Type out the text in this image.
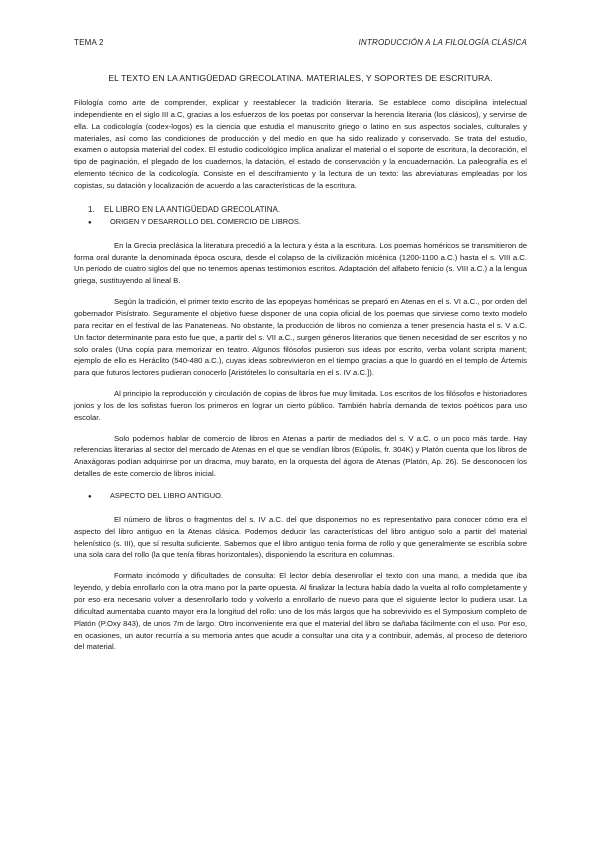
TEMA 2	INTRODUCCIÓN A LA FILOLOGÍA CLÁSICA
EL TEXTO EN LA ANTIGÜEDAD GRECOLATINA. MATERIALES, Y SOPORTES DE ESCRITURA.

Filología como arte de comprender, explicar y reestablecer la tradición literaria. Se establece como disciplina intelectual independiente en el siglo III a.C, gracias a los esfuerzos de los poetas por conservar la herencia literaria (los clásicos), y servirse de ella. La codicología (codex-logos) es la ciencia que estudia el manuscrito griego o latino en sus aspectos sociales, culturales y materiales, así como las condiciones de producción y del medio en que ha sido realizado y conservado. Se trata del estudio, examen o autopsia material del codex. El estudio codicológico implica analizar el material o el soporte de escritura, la decoración, el tipo de paginación, el plegado de los cuadernos, la datación, el estado de conservación y la encuadernación. La paleografía es el elemento técnico de la codicología. Consiste en el desciframiento y la lectura de un texto: las abreviaturas empleadas por los copistas, su datación y localización de acuerdo a las características de la escritura.

1. EL LIBRO EN LA ANTIGÜEDAD GRECOLATINA.
● ORIGEN Y DESARROLLO DEL COMERCIO DE LIBROS.

En la Grecia preclásica la literatura precedió a la lectura y ésta a la escritura. Los poemas homéricos se transmitieron de forma oral durante la denominada época oscura, desde el colapso de la civilización micénica (1200-1100 a.C.) hasta el s. VIII a.C. Un periodo de cuatro siglos del que no tenemos apenas testimonios escritos. Adaptación del alfabeto fenicio (s. VIII a.C.) a la lengua griega, sustituyendo al lineal B.

Según la tradición, el primer texto escrito de las epopeyas homéricas se preparó en Atenas en el s. VI a.C., por orden del gobernador Pisístrato. Seguramente el objetivo fuese disponer de una copia oficial de los poemas que sirviese como texto modelo para recitar en el festival de las Panateneas. No obstante, la producción de libros no comienza a tener presencia hasta el s. V a.C. Un factor determinante para esto fue que, a partir del s. VII a.C., surgen géneros literarios que tienen necesidad de ser escritos y no solo orales (Una copia para memorizar en teatro. Algunos filósofos pusieron sus ideas por escrito, verba volant scripta manent; ejemplo de ello es Heráclito (540-480 a.C.), cuyas ideas sobrevivieron en el tiempo gracias a que lo guardó en el templo de Ártemis para que futuros lectores pudieran conocerlo [Aristóteles lo consultaría en el s. IV a.C.]).

Al principio la reproducción y circulación de copias de libros fue muy limitada. Los escritos de los filósofos e historiadores jonios y los de los sofistas fueron los primeros en lograr un cierto público. También habría demanda de textos poéticos para uso escolar.

Solo podemos hablar de comercio de libros en Atenas a partir de mediados del s. V a.C. o un poco más tarde. Hay referencias literarias al sector del mercado de Atenas en el que se vendían libros (Eúpolis, fr. 304K) y Platón cuenta que los libros de Anaxágoras podían adquirirse por un dracma, muy barato, en la orquesta del ágora de Atenas (Platón, Ap. 26). Se desconocen los detalles de este comercio de libros inicial.

● ASPECTO DEL LIBRO ANTIGUO.

El número de libros o fragmentos del s. IV a.C. del que disponemos no es representativo para conocer cómo era el aspecto del libro antiguo en la Atenas clásica. Podemos deducir las características del libro antiguo solo a partir del material helenístico (s. III), que sí resulta suficiente. Sabemos que el libro antiguo tenía forma de rollo y que generalmente se escribía sobre una sola cara del rollo (la que tenía fibras horizontales), disponiendo la escritura en columnas.

Formato incómodo y dificultades de consulta: El lector debía desenrollar el texto con una mano, a medida que iba leyendo, y debía enrollarlo con la otra mano por la parte opuesta. Al finalizar la lectura había dado la vuelta al rollo completamente y por eso era necesario volver a desenrollarlo todo y volverlo a enrollarlo de nuevo para que el siguiente lector lo pudiera usar. La dificultad aumentaba cuanto mayor era la longitud del rollo: uno de los más largos que ha sobrevivido es el Symposium completo de Platón (P.Oxy 843), de unos 7m de largo. Otro inconveniente era que el material del libro se dañaba fácilmente con el uso. Por eso, en ocasiones, un autor recurría a su memoria antes que acudir a consultar una cita y a contribuir, además, al proceso de deterioro del material.
